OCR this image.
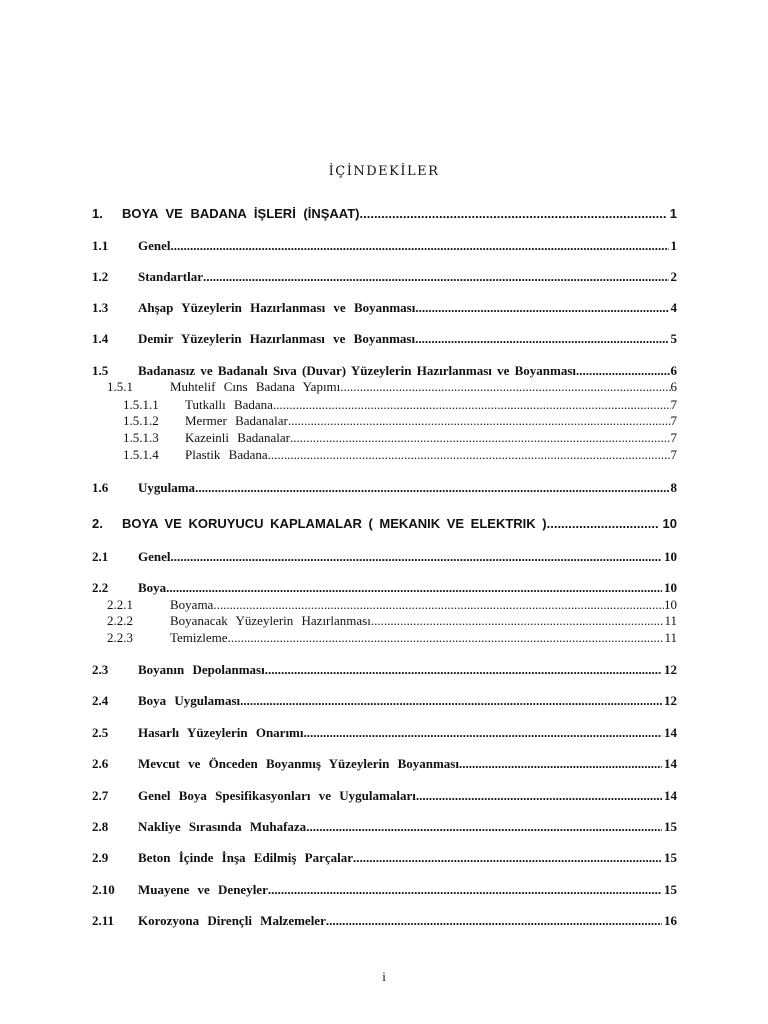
İÇİNDEKİLER
1.	BOYA VE BADANA İŞLERİ (İNŞAAT) .....	1
1.1	Genel .....	1
1.2	Standartlar .....	2
1.3	Ahşap Yüzeylerin Hazırlanması ve Boyanması .....	4
1.4	Demir Yüzeylerin Hazırlanması ve Boyanması .....	5
1.5	Badanasız ve Badanalı Sıva (Duvar) Yüzeylerin Hazırlanması ve Boyanması .....	6
1.5.1	Muhtelif Cıns Badana Yapımı .....	6
1.5.1.1	Tutkallı Badana .....	7
1.5.1.2	Mermer Badanalar .....	7
1.5.1.3	Kazeinli Badanalar .....	7
1.5.1.4	Plastik Badana .....	7
1.6	Uygulama .....	8
2.	BOYA VE KORUYUCU KAPLAMALAR ( MEKANIK VE ELEKTRIK ) .....	10
2.1	Genel .....	10
2.2	Boya .....	10
2.2.1	Boyama .....	10
2.2.2	Boyanacak Yüzeylerin Hazırlanması .....	11
2.2.3	Temizleme .....	11
2.3	Boyanın Depolanması .....	12
2.4	Boya Uygulaması .....	12
2.5	Hasarlı Yüzeylerin Onarımı .....	14
2.6	Mevcut ve Önceden Boyanmış Yüzeylerin Boyanması .....	14
2.7	Genel Boya Spesifikasyonları ve Uygulamaları .....	14
2.8	Nakliye Sırasında Muhafaza .....	15
2.9	Beton İçinde İnşa Edilmiş Parçalar .....	15
2.10	Muayene ve Deneyler .....	15
2.11	Korozyona Dirençli Malzemeler .....	16
i
